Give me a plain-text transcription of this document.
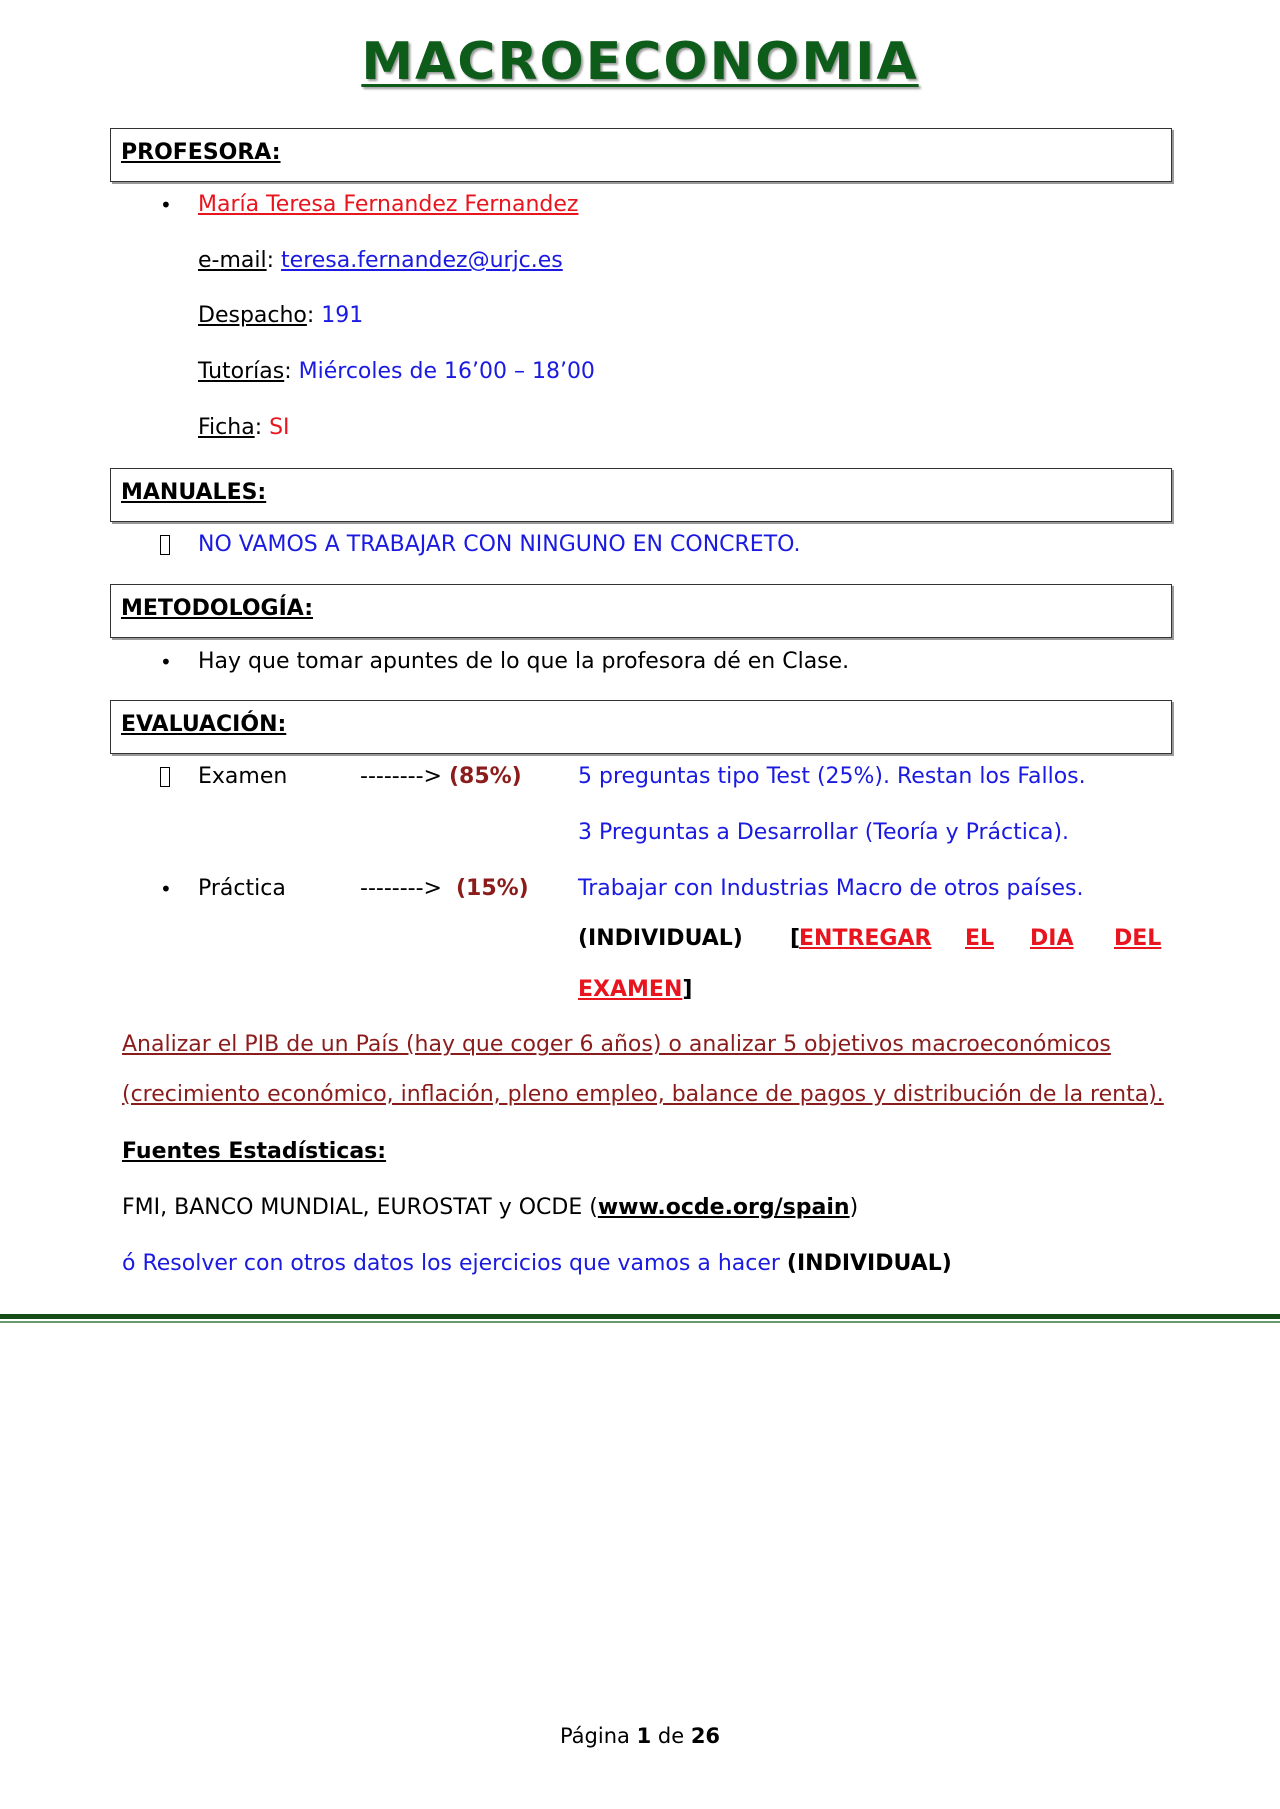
MACROECONOMIA
PROFESORA:
• María Teresa Fernandez Fernandez
e-mail: teresa.fernandez@urjc.es
Despacho: 191
Tutorías: Miércoles de 16’00 – 18’00
Ficha: SI
MANUALES:
NO VAMOS A TRABAJAR CON NINGUNO EN CONCRETO.
METODOLOGÍA:
• Hay que tomar apuntes de lo que la profesora dé en Clase.
EVALUACIÓN:
Examen	--------> (85%)	5 preguntas tipo Test (25%). Restan los Fallos.
3 Preguntas a Desarrollar (Teoría y Práctica).
• Práctica	--------> (15%) Trabajar con Industrias Macro de otros países.
(INDIVIDUAL) [
ENTREGAR EL DIA DEL
EXAMEN]
Analizar el PIB de un País (hay que coger 6 años) o analizar 5 objetivos macroeconómicos
(crecimiento económico, inflación, pleno empleo, balance de pagos y distribución de la renta).
Fuentes Estadísticas:
FMI, BANCO MUNDIAL, EUROSTAT y OCDE (www.ocde.org/spain)
ó Resolver con otros datos los ejercicios que vamos a hacer (INDIVIDUAL)
Página 1 de 26
